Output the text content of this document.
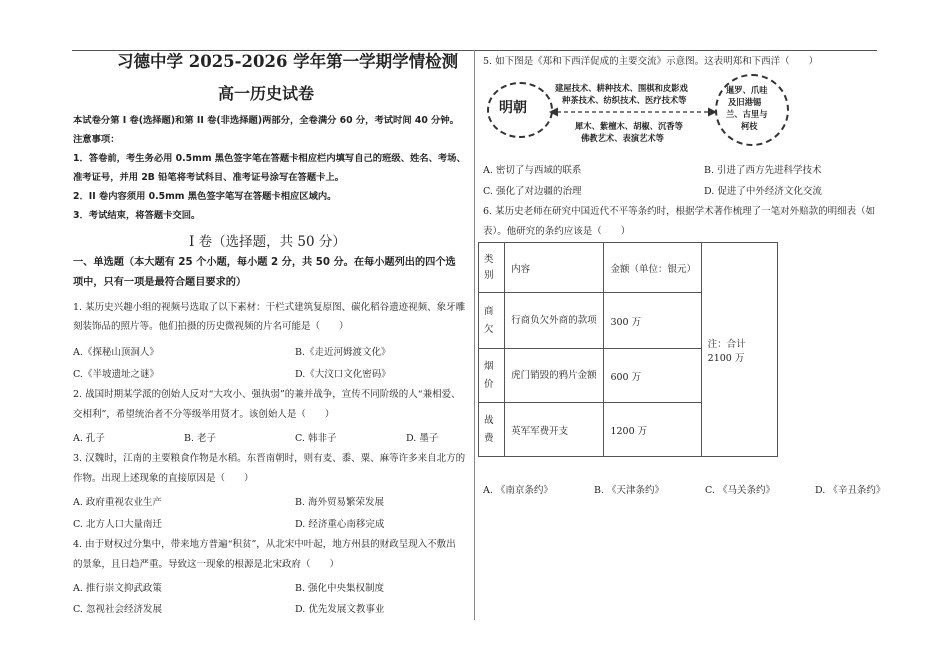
习德中学 2025-2026 学年第一学期学情检测
高一历史试卷
本试卷分第 I 卷(选择题)和第 II 卷(非选择题)两部分，全卷满分 60 分，考试时间 40 分钟。
注意事项：
1．答卷前，考生务必用 0.5mm 黑色签字笔在答题卡相应栏内填写自己的班级、姓名、考场、
准考证号，并用 2B 铅笔将考试科目、准考证号涂写在答题卡上。
2．II 卷内容须用 0.5mm 黑色签字笔写在答题卡相应区域内。
3．考试结束，将答题卡交回。
I 卷（选择题，共 50 分）
一、单选题（本大题有 25 个小题，每小题 2 分，共 50 分。在每小题列出的四个选
项中，只有一项是最符合题目要求的）
1. 某历史兴趣小组的视频号选取了以下素材：干栏式建筑复原图、碳化稻谷遗迹视频、象牙雕
刻装饰品的照片等。他们拍摄的历史微视频的片名可能是（　　）
A.《探秘山顶洞人》	B.《走近河姆渡文化》
C.《半坡遗址之谜》	D.《大汶口文化密码》
2. 战国时期某学派的创始人反对“大攻小、强执弱”的兼并战争，宣传不同阶级的人“兼相爱、
交相利”，希望统治者不分等级举用贤才。该创始人是（　　）
A. 孔子	B. 老子	C. 韩非子	D. 墨子
3. 汉魏时，江南的主要粮食作物是水稻。东晋南朝时，则有麦、黍、粟、麻等许多来自北方的
作物。出现上述现象的直接原因是（　　）
A. 政府重视农业生产	B. 海外贸易繁荣发展
C. 北方人口大量南迁	D. 经济重心南移完成
4. 由于财权过分集中，带来地方普遍“积贫”，从北宋中叶起，地方州县的财政呈现入不敷出
的景象，且日趋严重。导致这一现象的根源是北宋政府（　　）
A. 推行崇文抑武政策	B. 强化中央集权制度
C. 忽视社会经济发展	D. 优先发展文教事业
5. 如下图是《郑和下西洋促成的主要交流》示意图。这表明郑和下西洋（　　）
明朝
暹罗、爪哇
及旧港锡
兰、古里与
柯枝
建屋技术、耕种技术、围棋和皮影戏
种茶技术、纺织技术、医疗技术等
犀木、紫檀木、胡椒、沉香等
佛教艺术、表演艺术等
A. 密切了与西域的联系	B. 引进了西方先进科学技术
C. 强化了对边疆的治理	D. 促进了中外经济文化交流
6. 某历史老师在研究中国近代不平等条约时，根据学术著作梳理了一笔对外赔款的明细表（如
表）。他研究的条约应该是（　　）
类别	内容	金额（单位：银元）	注：合计 2100 万
商欠	行商负欠外商的款项	300 万	
烟价	虎门销毁的鸦片金额	600 万	
战费	英军军费开支	1200 万	
A. 《南京条约》	B. 《天津条约》	C. 《马关条约》	D. 《辛丑条约》
